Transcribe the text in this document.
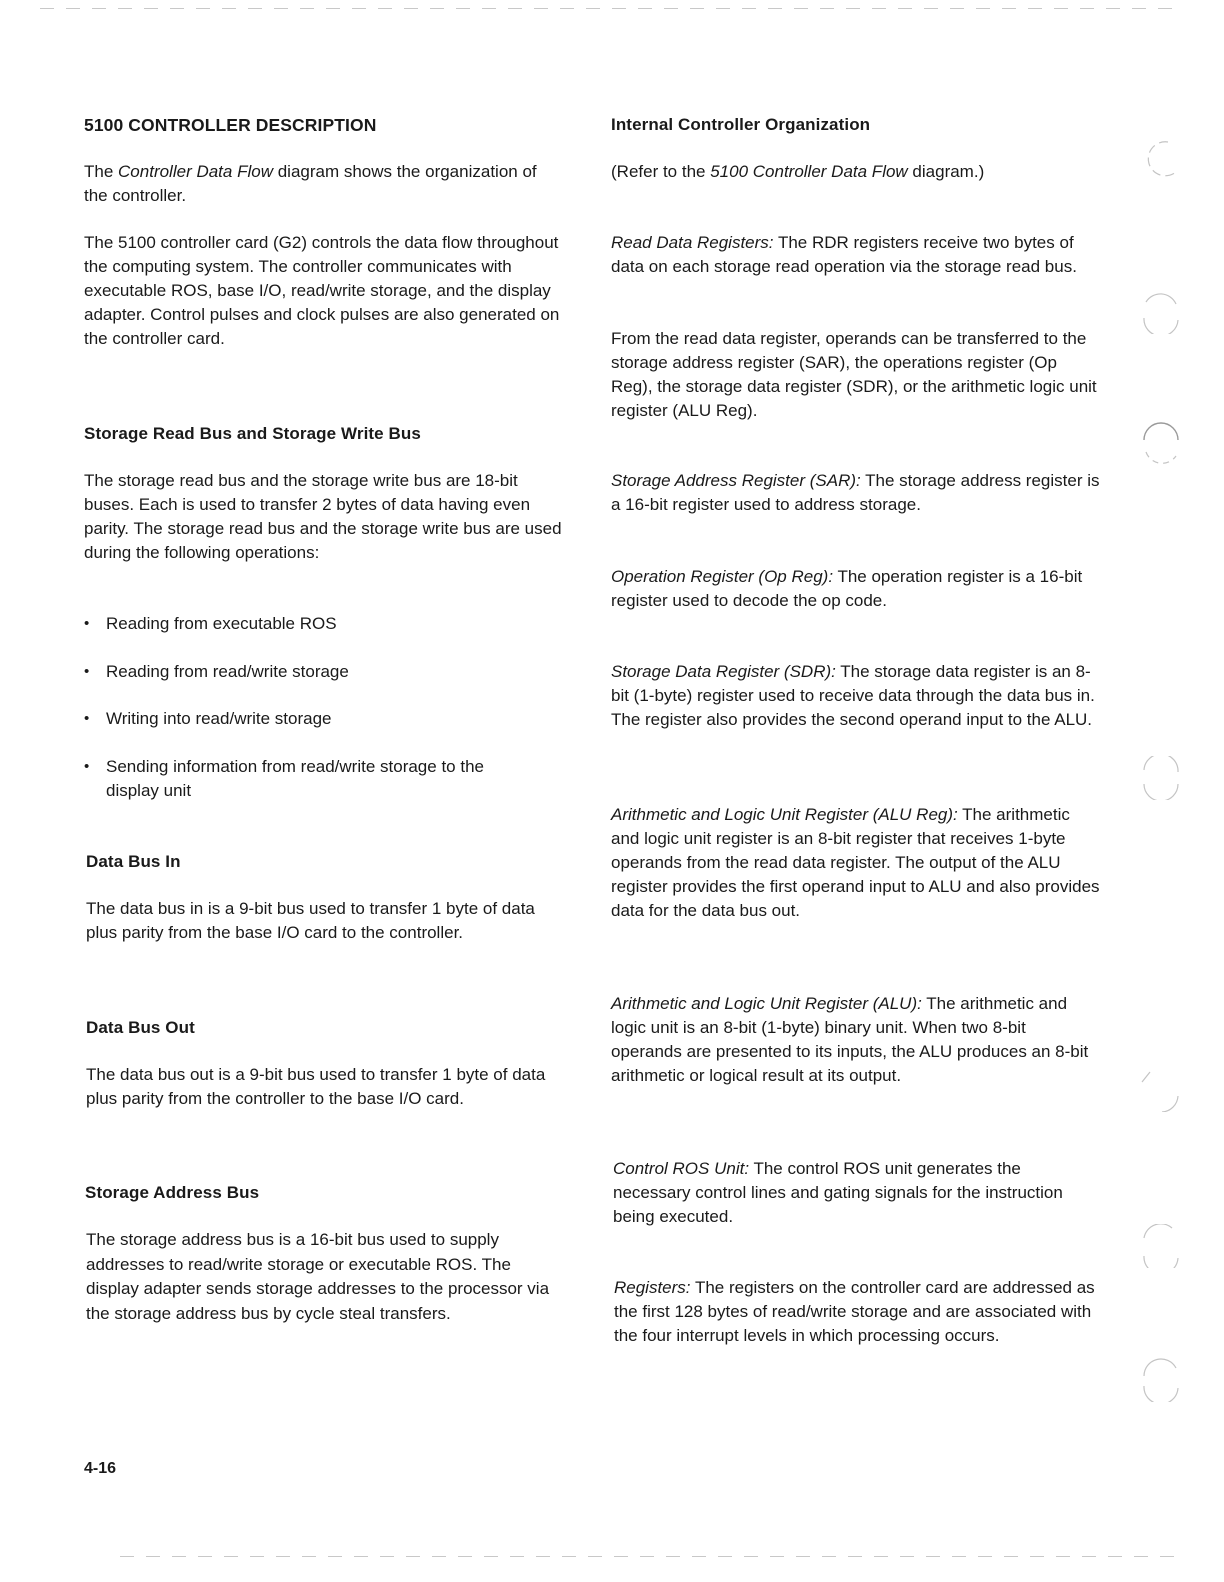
5100 CONTROLLER DESCRIPTION

The Controller Data Flow diagram shows the organization of the controller.

The 5100 controller card (G2) controls the data flow throughout the computing system. The controller communicates with executable ROS, base I/O, read/write storage, and the display adapter. Control pulses and clock pulses are also generated on the controller card.

Storage Read Bus and Storage Write Bus

The storage read bus and the storage write bus are 18-bit buses. Each is used to transfer 2 bytes of data having even parity. The storage read bus and the storage write bus are used during the following operations:

• Reading from executable ROS
• Reading from read/write storage
• Writing into read/write storage
• Sending information from read/write storage to the display unit
Data Bus In

The data bus in is a 9-bit bus used to transfer 1 byte of data plus parity from the base I/O card to the controller.

Data Bus Out

The data bus out is a 9-bit bus used to transfer 1 byte of data plus parity from the controller to the base I/O card.

Storage Address Bus

The storage address bus is a 16-bit bus used to supply addresses to read/write storage or executable ROS. The display adapter sends storage addresses to the processor via the storage address bus by cycle steal transfers.

Internal Controller Organization

(Refer to the 5100 Controller Data Flow diagram.)

Read Data Registers: The RDR registers receive two bytes of data on each storage read operation via the storage read bus.

From the read data register, operands can be transferred to the storage address register (SAR), the operations register (Op Reg), the storage data register (SDR), or the arithmetic logic unit register (ALU Reg).

Storage Address Register (SAR): The storage address register is a 16-bit register used to address storage.

Operation Register (Op Reg): The operation register is a 16-bit register used to decode the op code.

Storage Data Register (SDR): The storage data register is an 8-bit (1-byte) register used to receive data through the data bus in. The register also provides the second operand input to the ALU.

Arithmetic and Logic Unit Register (ALU Reg): The arithmetic and logic unit register is an 8-bit register that receives 1-byte operands from the read data register. The output of the ALU register provides the first operand input to ALU and also provides data for the data bus out.

Arithmetic and Logic Unit Register (ALU): The arithmetic and logic unit is an 8-bit (1-byte) binary unit. When two 8-bit operands are presented to its inputs, the ALU produces an 8-bit arithmetic or logical result at its output.

Control ROS Unit: The control ROS unit generates the necessary control lines and gating signals for the instruction being executed.

Registers: The registers on the controller card are addressed as the first 128 bytes of read/write storage and are associated with the four interrupt levels in which processing occurs.

4-16
